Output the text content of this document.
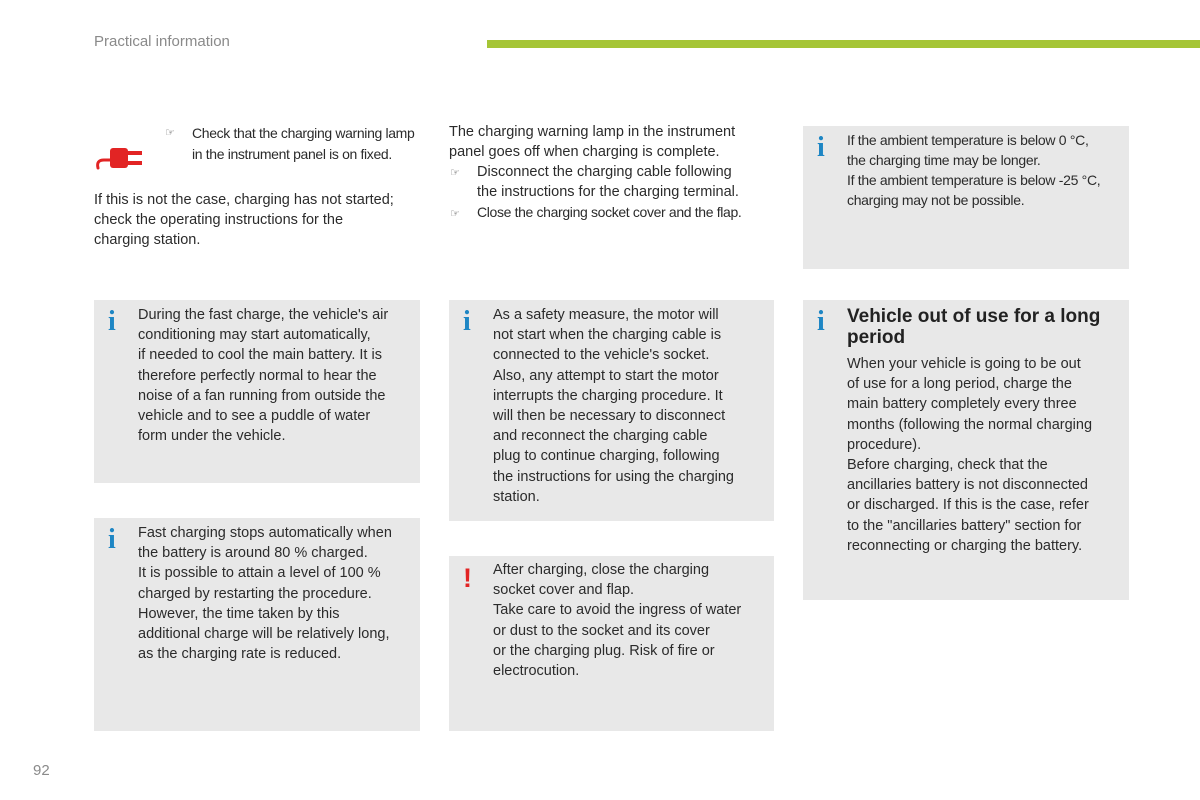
Practical information
☞ Check that the charging warning lamp
in the instrument panel is on fixed.
If this is not the case, charging has not started;
check the operating instructions for the
charging station.
The charging warning lamp in the instrument
panel goes off when charging is complete.
☞ Disconnect the charging cable following
the instructions for the charging terminal.
☞ Close the charging socket cover and the flap.
i If the ambient temperature is below 0 °C,
the charging time may be longer.
If the ambient temperature is below -25 °C,
charging may not be possible.
i During the fast charge, the vehicle's air
conditioning may start automatically,
if needed to cool the main battery. It is
therefore perfectly normal to hear the
noise of a fan running from outside the
vehicle and to see a puddle of water
form under the vehicle.
i As a safety measure, the motor will
not start when the charging cable is
connected to the vehicle's socket.
Also, any attempt to start the motor
interrupts the charging procedure. It
will then be necessary to disconnect
and reconnect the charging cable
plug to continue charging, following
the instructions for using the charging
station.
i Vehicle out of use for a long
period
When your vehicle is going to be out
of use for a long period, charge the
main battery completely every three
months (following the normal charging
procedure).
Before charging, check that the
ancillaries battery is not disconnected
or discharged. If this is the case, refer
to the "ancillaries battery" section for
reconnecting or charging the battery.
i Fast charging stops automatically when
the battery is around 80 % charged.
It is possible to attain a level of 100 %
charged by restarting the procedure.
However, the time taken by this
additional charge will be relatively long,
as the charging rate is reduced.
! After charging, close the charging
socket cover and flap.
Take care to avoid the ingress of water
or dust to the socket and its cover
or the charging plug. Risk of fire or
electrocution.
92
